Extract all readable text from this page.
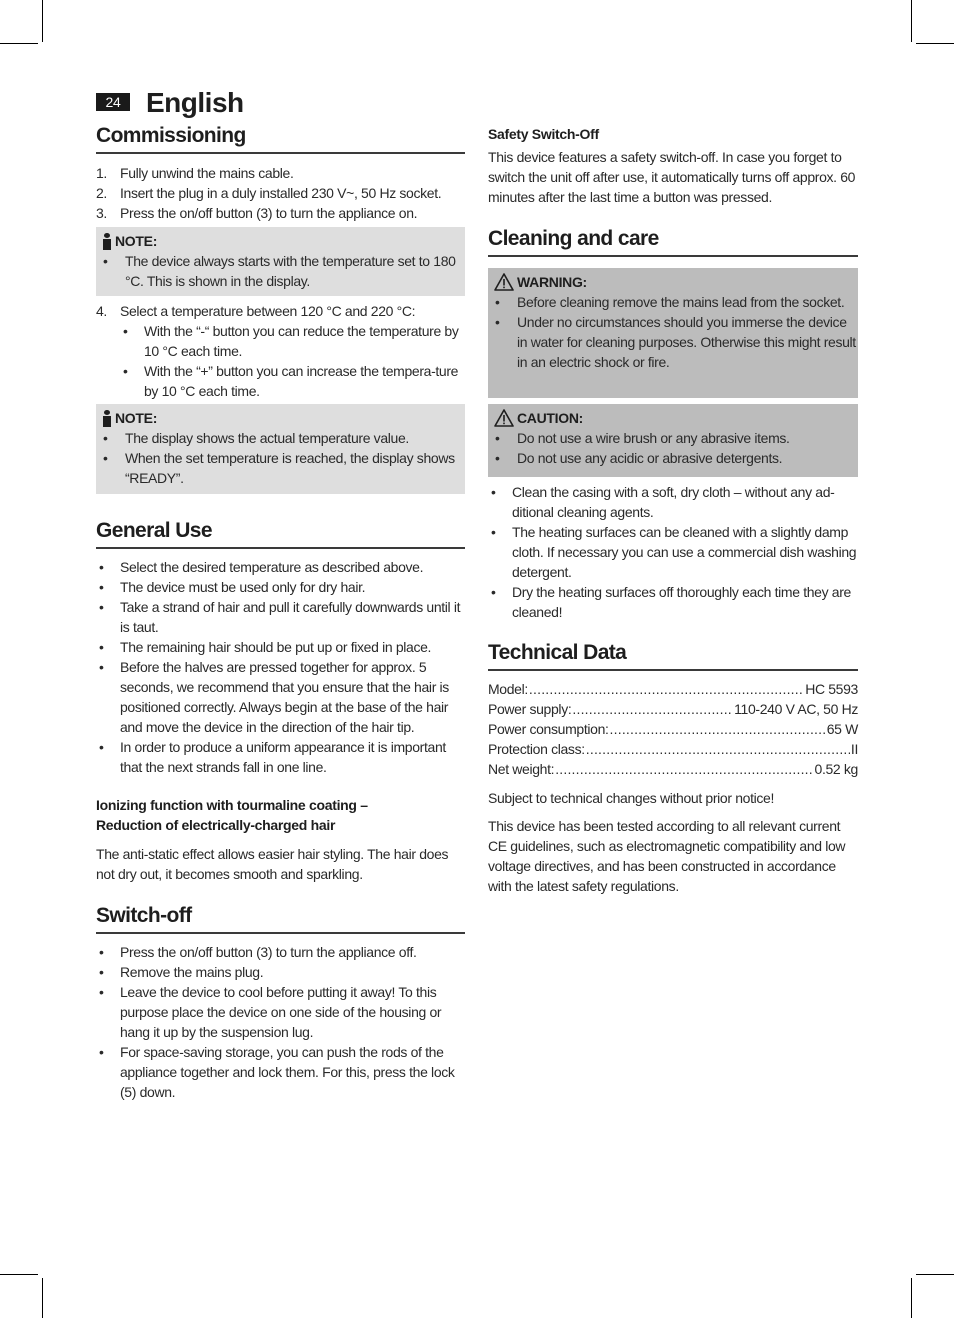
24 English
Commissioning
1. Fully unwind the mains cable.
2. Insert the plug in a duly installed 230 V~, 50 Hz socket.
3. Press the on/off button (3) to turn the appliance on.
NOTE:
• The device always starts with the temperature set to 180 °C. This is shown in the display.
4. Select a temperature between 120 °C and 220 °C:
• With the “-“ button you can reduce the temperature by 10 °C each time.
• With the “+” button you can increase the tempera-ture by 10 °C each time.
NOTE:
• The display shows the actual temperature value.
• When the set temperature is reached, the display shows “READY”.
General Use
• Select the desired temperature as described above.
• The device must be used only for dry hair.
• Take a strand of hair and pull it carefully downwards until it is taut.
• The remaining hair should be put up or fixed in place.
• Before the halves are pressed together for approx. 5 seconds, we recommend that you ensure that the hair is positioned correctly. Always begin at the base of the hair and move the device in the direction of the hair tip.
• In order to produce a uniform appearance it is important that the next strands fall in one line.
Ionizing function with tourmaline coating –
Reduction of electrically-charged hair

The anti-static effect allows easier hair styling. The hair does not dry out, it becomes smooth and sparkling.

Switch-off
• Press the on/off button (3) to turn the appliance off.
• Remove the mains plug.
• Leave the device to cool before putting it away! To this purpose place the device on one side of the housing or hang it up by the suspension lug.
• For space-saving storage, you can push the rods of the appliance together and lock them. For this, press the lock (5) down.
Safety Switch-Off

This device features a safety switch-off. In case you forget to switch the unit off after use, it automatically turns off approx. 60 minutes after the last time a button was pressed.

Cleaning and care
WARNING:
• Before cleaning remove the mains lead from the socket.
• Under no circumstances should you immerse the device in water for cleaning purposes. Otherwise this might result in an electric shock or fire.
CAUTION:
• Do not use a wire brush or any abrasive items.
• Do not use any acidic or abrasive detergents.
• Clean the casing with a soft, dry cloth – without any ad-ditional cleaning agents.
• The heating surfaces can be cleaned with a slightly damp cloth. If necessary you can use a commercial dish washing detergent.
• Dry the heating surfaces off thoroughly each time they are cleaned!
Technical Data
Model: .....	HC 5593
Power supply: .....	110-240 V AC, 50 Hz
Power consumption: .....	65 W
Protection class: .....	II
Net weight: .....	0.52 kg

Subject to technical changes without prior notice!

This device has been tested according to all relevant current CE guidelines, such as electromagnetic compatibility and low voltage directives, and has been constructed in accordance with the latest safety regulations.
